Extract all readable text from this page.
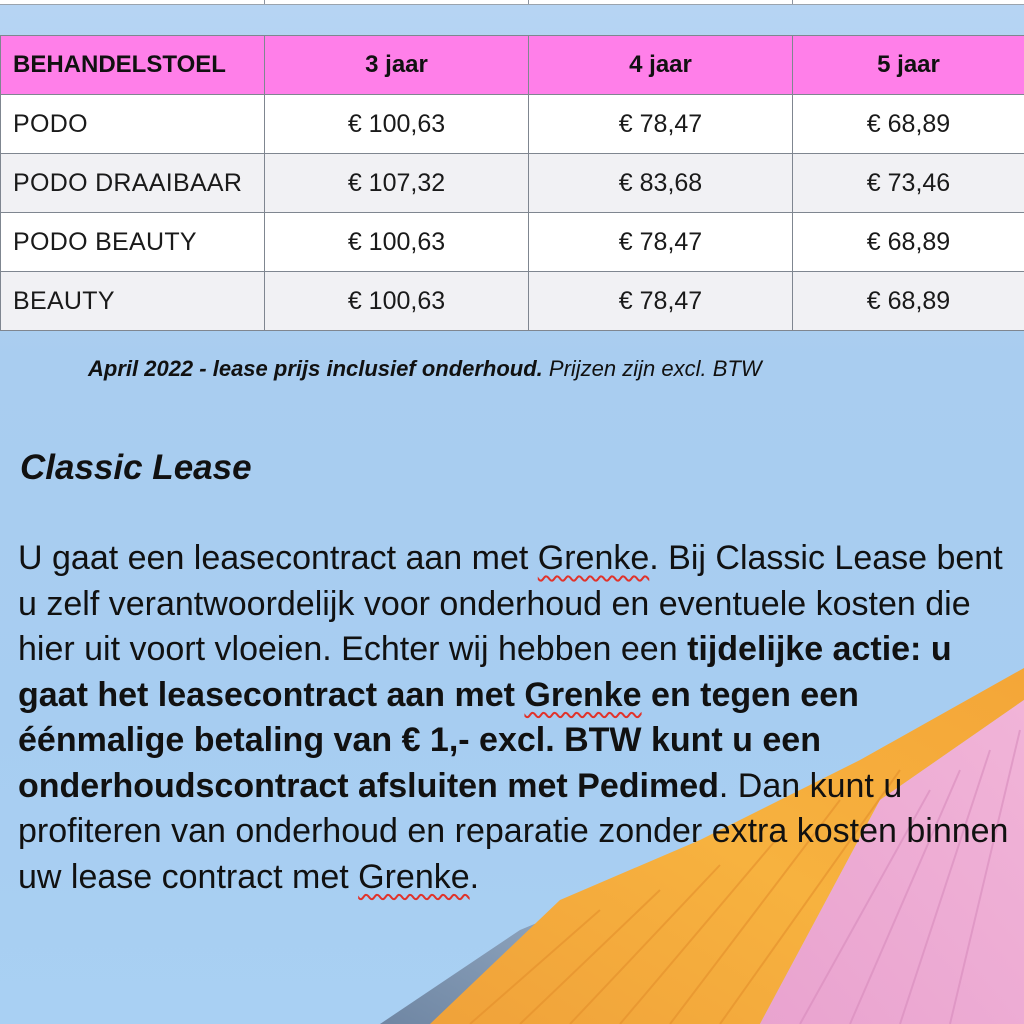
BEHANDELSTOEL	3 jaar	4 jaar	5 jaar
PODO	€ 100,63	€ 78,47	€ 68,89
PODO DRAAIBAAR	€ 107,32	€ 83,68	€ 73,46
PODO BEAUTY	€ 100,63	€ 78,47	€ 68,89
BEAUTY	€ 100,63	€ 78,47	€ 68,89
April 2022 - lease prijs inclusief onderhoud. Prijzen zijn excl. BTW
Classic Lease

U gaat een leasecontract aan met Grenke. Bij Classic Lease bent u zelf verantwoordelijk voor onderhoud en eventuele kosten die hier uit voort vloeien. Echter wij hebben een tijdelijke actie: u gaat het leasecontract aan met Grenke en tegen een éénmalige betaling van € 1,- excl. BTW kunt u een onderhoudscontract afsluiten met Pedimed. Dan kunt u profiteren van onderhoud en reparatie zonder extra kosten binnen uw lease contract met Grenke.
